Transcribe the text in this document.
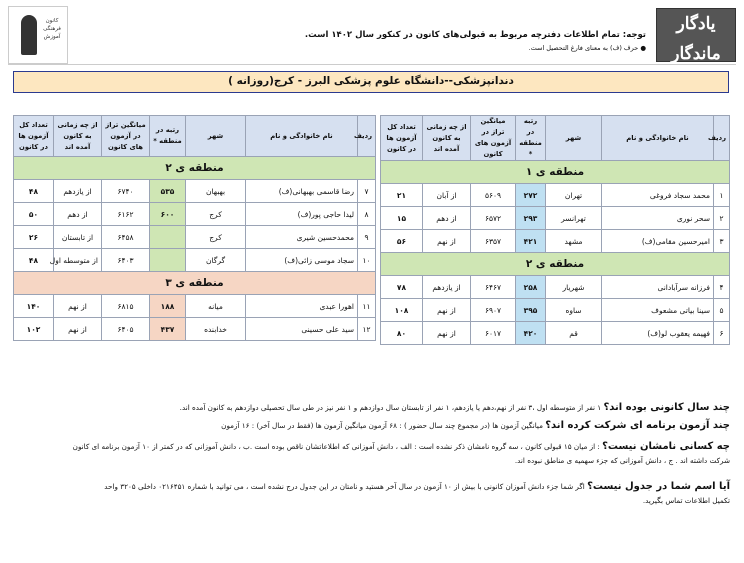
یادگار ماندگار
توجه: تمام اطلاعات دفترچه مربوط به قبولی‌های کانون در کنکور سال ۱۴۰۲ است.
● حرف (ف) به معنای فارغ التحصیل است.
کانون فرهنگی آموزش
دندانپزشکی--دانشگاه علوم پزشکی البرز - کرج(روزانه )
ردیف	نام خانوادگی و نام	شهر	رتبه در منطقه *	میانگین تراز در آزمون های کانون	از چه زمانی به کانون آمده اند	تعداد کل آزمون ها در کانون
منطقه ی ۱						
۱	محمد سجاد فروغی	تهران	۲۷۲	۵۶۰۹	از آبان	۲۱
۲	سحر نوری	تهرانسر	۲۹۳	۶۵۷۲	از دهم	۱۵
۳	امیرحسین مقامی(ف)	مشهد	۴۲۱	۶۳۵۷	از نهم	۵۶
منطقه ی ۲						
۴	فرزانه سرآبادانی	شهریار	۲۵۸	۶۴۶۷	از یازدهم	۷۸
۵	سینا بیاتی مشعوف	ساوه	۳۹۵	۶۹۰۷	از نهم	۱۰۸
۶	فهیمه یعقوب لو(ف)	قم	۴۲۰	۶۰۱۷	از نهم	۸۰
ردیف	نام خانوادگی و نام	شهر	رتبه در منطقه *	میانگین تراز در آزمون های کانون	از چه زمانی به کانون آمده اند	تعداد کل آزمون ها در کانون
منطقه ی ۲						
۷	رضا قاسمی بهبهانی(ف)	بهبهان	۵۳۵	۶۷۴۰	از یازدهم	۴۸
۸	لیدا حاجی پور(ف)	کرج	۶۰۰	۶۱۶۲	از دهم	۵۰
۹	محمدحسین شیری	کرج		۶۴۵۸	از تابستان	۲۶
۱۰	سجاد موسی زائی(ف)	گرگان		۶۴۰۳	از متوسطه اول	۴۸
منطقه ی ۳						
۱۱	اهورا عبدی	میانه	۱۸۸	۶۸۱۵	از نهم	۱۴۰
۱۲	سید علی حسینی	خدابنده	۴۳۷	۶۴۰۵	از نهم	۱۰۲
چند سال کانونی بوده اند؟ ۱ نفر از متوسطه اول ،۳ نفر از نهم،دهم یا یازدهم، ۱ نفر از تابستان سال دوازدهم و ۱ نفر نیز در طی سال تحصیلی دوازدهم به کانون آمده اند.
چند آزمون برنامه ای شرکت کرده اند؟ میانگین آزمون ها (در مجموع چند سال حضور ) : ۶۸ آزمون میانگین آزمون ها (فقط در سال آخر) : ۱۶ آزمون
چه کسانی نامشان نیست؟ : از میان ۱۵ قبولی کانون ، سه گروه نامشان ذکر نشده است : الف ، دانش آموزانی که اطلاعاتشان ناقص بوده است .ب ، دانش آموزانی که در کمتر از ۱۰ آزمون برنامه ای کانون
شرکت داشته اند . ج ، دانش آموزانی که جزء سهمیه ی مناطق نبوده اند.
آیا اسم شما در جدول نیست؟ اگر شما جزء دانش آموزان کانونی با بیش از ۱۰ آزمون در سال آخر هستید و نامتان در این جدول درج نشده است ، می توانید با شماره ۰۲۱۶۴۵۱ داخلی ۳۲۰۵ واحد
تکمیل اطلاعات تماس بگیرید.
